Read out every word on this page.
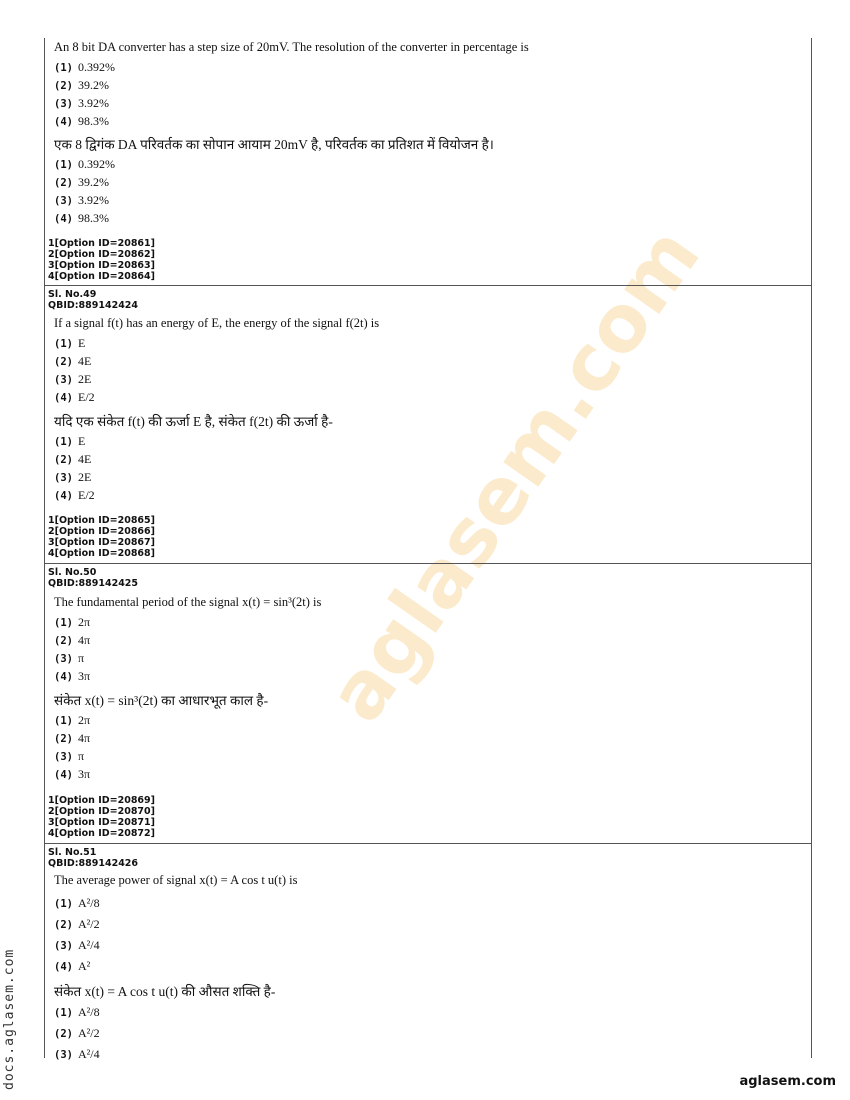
aglasem.com
docs.aglasem.com	aglasem.com
An 8 bit DA converter has a step size of 20mV. The resolution of the converter in percentage is
(1) 0.392%
(2) 39.2%
(3) 3.92%
(4) 98.3%
एक 8 द्विगंक DA परिवर्तक का सोपान आयाम 20mV है, परिवर्तक का प्रतिशत में वियोजन है।
(1) 0.392%
(2) 39.2%
(3) 3.92%
(4) 98.3%
1[Option ID=20861]
2[Option ID=20862]
3[Option ID=20863]
4[Option ID=20864]
Sl. No.49
QBID:889142424
If a signal f(t) has an energy of E, the energy of the signal f(2t) is
(1) E
(2) 4E
(3) 2E
(4) E/2
यदि एक संकेत f(t) की ऊर्जा E है, संकेत f(2t) की ऊर्जा है-
(1) E
(2) 4E
(3) 2E
(4) E/2
1[Option ID=20865]
2[Option ID=20866]
3[Option ID=20867]
4[Option ID=20868]
Sl. No.50
QBID:889142425
The fundamental period of the signal x(t) = sin³(2t) is
(1) 2π
(2) 4π
(3) π
(4) 3π
संकेत x(t) = sin³(2t) का आधारभूत काल है-
(1) 2π
(2) 4π
(3) π
(4) 3π
1[Option ID=20869]
2[Option ID=20870]
3[Option ID=20871]
4[Option ID=20872]
Sl. No.51
QBID:889142426
The average power of signal x(t) = A cos t u(t) is
(1) A²/8
(2) A²/2
(3) A²/4
(4) A²
संकेत x(t) = A cos t u(t) की औसत शक्ति है-
(1) A²/8
(2) A²/2
(3) A²/4
